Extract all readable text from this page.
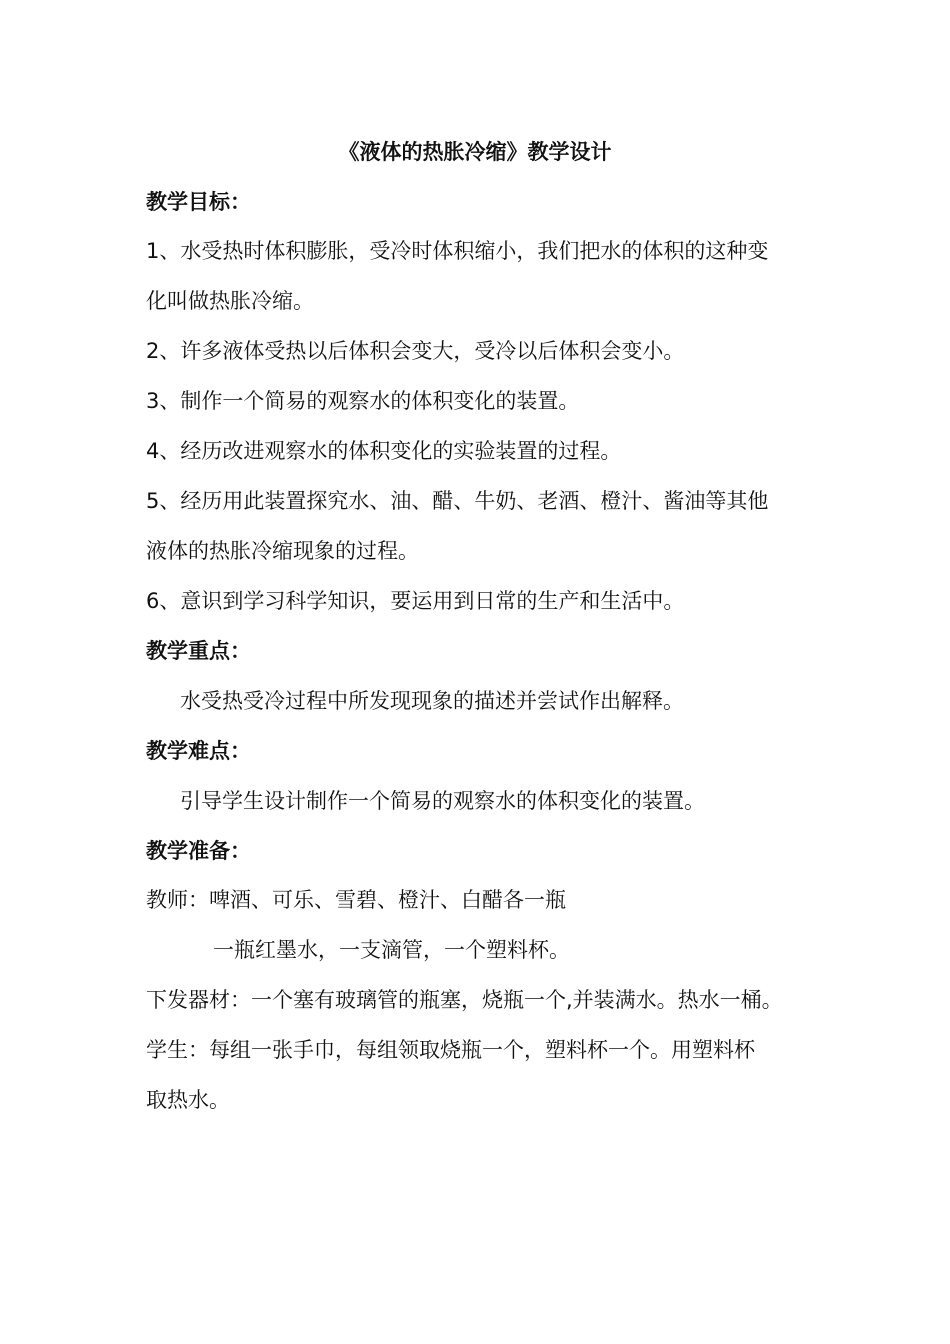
《液体的热胀冷缩》教学设计
教学目标：
1、水受热时体积膨胀，受冷时体积缩小，我们把水的体积的这种变
化叫做热胀冷缩。
2、许多液体受热以后体积会变大，受冷以后体积会变小。
3、制作一个简易的观察水的体积变化的装置。
4、经历改进观察水的体积变化的实验装置的过程。
5、经历用此装置探究水、油、醋、牛奶、老酒、橙汁、酱油等其他
液体的热胀冷缩现象的过程。
6、意识到学习科学知识，要运用到日常的生产和生活中。
教学重点：
水受热受冷过程中所发现现象的描述并尝试作出解释。
教学难点：
引导学生设计制作一个简易的观察水的体积变化的装置。
教学准备：
教师：啤酒、可乐、雪碧、橙汁、白醋各一瓶
一瓶红墨水，一支滴管，一个塑料杯。
下发器材：一个塞有玻璃管的瓶塞，烧瓶一个,并装满水。热水一桶。
学生：每组一张手巾，每组领取烧瓶一个，塑料杯一个。用塑料杯
取热水。
